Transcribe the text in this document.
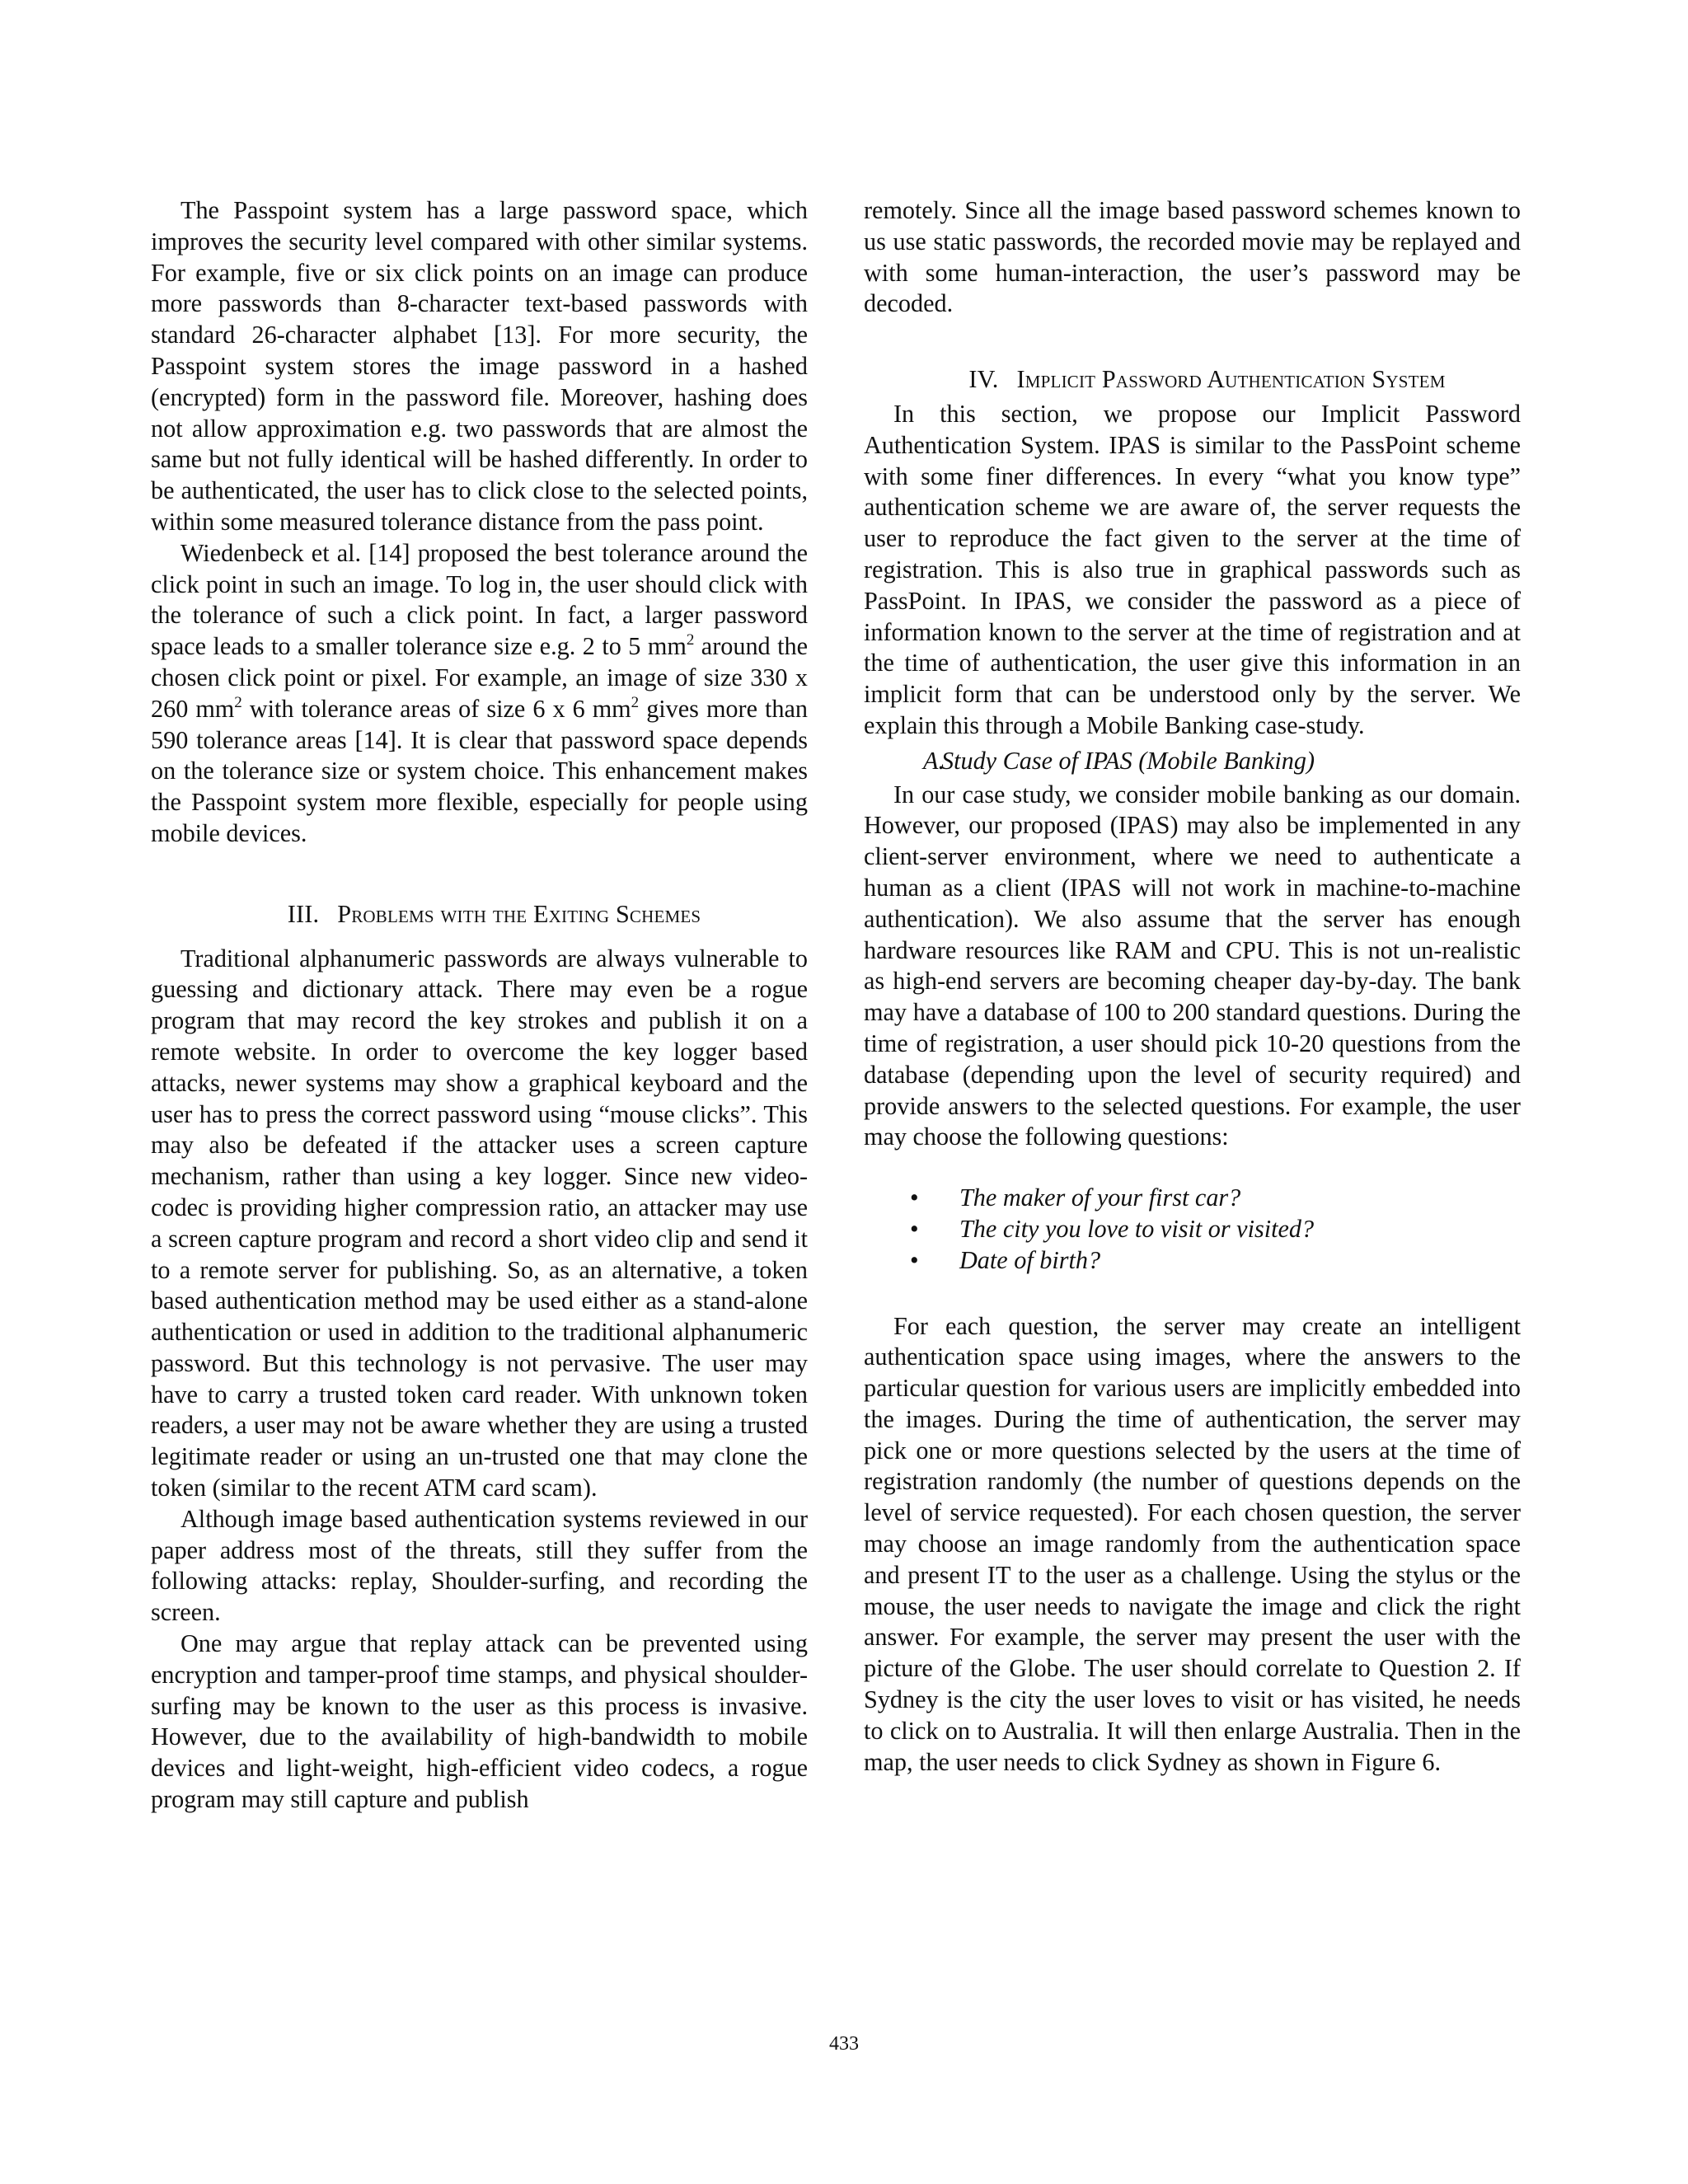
The Passpoint system has a large password space, which improves the security level compared with other similar systems. For example, five or six click points on an image can produce more passwords than 8-character text-based passwords with standard 26-character alphabet [13]. For more security, the Passpoint system stores the image password in a hashed (encrypted) form in the password file. Moreover, hashing does not allow approximation e.g. two passwords that are almost the same but not fully identical will be hashed differently. In order to be authenticated, the user has to click close to the selected points, within some measured tolerance distance from the pass point.

Wiedenbeck et al. [14] proposed the best tolerance around the click point in such an image. To log in, the user should click with the tolerance of such a click point. In fact, a larger password space leads to a smaller tolerance size e.g. 2 to 5 $mm^2$ around the chosen click point or pixel. For example, an image of size 330 x 260 $mm^2$ with tolerance areas of size 6 x 6 $mm^2$ gives more than 590 tolerance areas [14]. It is clear that password space depends on the tolerance size or system choice. This enhancement makes the Passpoint system more flexible, especially for people using mobile devices.

III. Problems with the Exiting Schemes

Traditional alphanumeric passwords are always vulnerable to guessing and dictionary attack. There may even be a rogue program that may record the key strokes and publish it on a remote website. In order to overcome the key logger based attacks, newer systems may show a graphical keyboard and the user has to press the correct password using “mouse clicks”. This may also be defeated if the attacker uses a screen capture mechanism, rather than using a key logger. Since new video-codec is providing higher compression ratio, an attacker may use a screen capture program and record a short video clip and send it to a remote server for publishing. So, as an alternative, a token based authentication method may be used either as a stand-alone authentication or used in addition to the traditional alphanumeric password. But this technology is not pervasive. The user may have to carry a trusted token card reader. With unknown token readers, a user may not be aware whether they are using a trusted legitimate reader or using an un-trusted one that may clone the token (similar to the recent ATM card scam).

Although image based authentication systems reviewed in our paper address most of the threats, still they suffer from the following attacks: replay, Shoulder-surfing, and recording the screen.

One may argue that replay attack can be prevented using encryption and tamper-proof time stamps, and physical shoulder-surfing may be known to the user as this process is invasive. However, due to the availability of high-bandwidth to mobile devices and light-weight, high-efficient video codecs, a rogue program may still capture and publish

remotely. Since all the image based password schemes known to us use static passwords, the recorded movie may be replayed and with some human-interaction, the user’s password may be decoded.

IV. Implicit Password Authentication System

In this section, we propose our Implicit Password Authentication System. IPAS is similar to the PassPoint scheme with some finer differences. In every “what you know type” authentication scheme we are aware of, the server requests the user to reproduce the fact given to the server at the time of registration. This is also true in graphical passwords such as PassPoint. In IPAS, we consider the password as a piece of information known to the server at the time of registration and at the time of authentication, the user give this information in an implicit form that can be understood only by the server. We explain this through a Mobile Banking case-study.

A.Study Case of IPAS (Mobile Banking)

In our case study, we consider mobile banking as our domain. However, our proposed (IPAS) may also be implemented in any client-server environment, where we need to authenticate a human as a client (IPAS will not work in machine-to-machine authentication). We also assume that the server has enough hardware resources like RAM and CPU. This is not un-realistic as high-end servers are becoming cheaper day-by-day. The bank may have a database of 100 to 200 standard questions. During the time of registration, a user should pick 10-20 questions from the database (depending upon the level of security required) and provide answers to the selected questions. For example, the user may choose the following questions:

• The maker of your first car?
• The city you love to visit or visited?
• Date of birth?

For each question, the server may create an intelligent authentication space using images, where the answers to the particular question for various users are implicitly embedded into the images. During the time of authentication, the server may pick one or more questions selected by the users at the time of registration randomly (the number of questions depends on the level of service requested). For each chosen question, the server may choose an image randomly from the authentication space and present IT to the user as a challenge. Using the stylus or the mouse, the user needs to navigate the image and click the right answer. For example, the server may present the user with the picture of the Globe. The user should correlate to Question 2. If Sydney is the city the user loves to visit or has visited, he needs to click on to Australia. It will then enlarge Australia. Then in the map, the user needs to click Sydney as shown in Figure 6.

433
